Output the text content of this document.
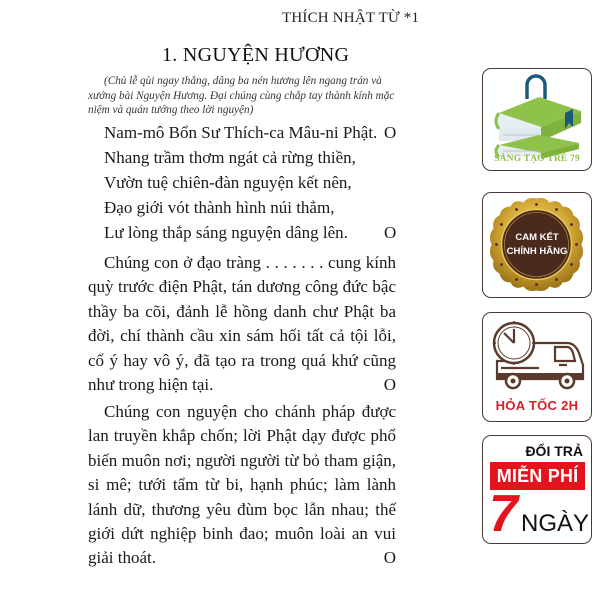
THÍCH NHẬT TỪ *1
1. NGUYỆN HƯƠNG
(Chủ lễ qùi ngay thẳng, dâng ba nén hương lên ngang trán và xướng bài Nguyện Hương. Đại chúng cùng chắp tay thành kính mặc niệm và quán tưởng theo lời nguyện)
Nam-mô Bổn Sư Thích-ca Mâu-ni Phật. O
Nhang trầm thơm ngát cả rừng thiền,
Vườn tuệ chiên-đàn nguyện kết nên,
Đạo giới vót thành hình núi thẳm,
Lư lòng thắp sáng nguyện dâng lên. O
Chúng con ở đạo tràng . . . . . . . cung kính quỳ trước điện Phật, tán dương công đức bậc thầy ba cõi, đảnh lễ hồng danh chư Phật ba đời, chí thành cầu xin sám hối tất cả tội lỗi, cố ý hay vô ý, đã tạo ra trong quá khứ cũng như trong hiện tại.	O
Chúng con nguyện cho chánh pháp được lan truyền khắp chốn; lời Phật dạy được phổ biến muôn nơi; người người từ bỏ tham giận, si mê; tưới tẩm từ bi, hạnh phúc; làm lành lánh dữ, thương yêu đùm bọc lẫn nhau; thế giới dứt nghiệp binh đao; muôn loài an vui giải thoát.	O
SÁNG TẠO TRẺ 79
CAM KẾT
CHÍNH HÃNG
HỎA TỐC 2H
ĐỔI TRẢ
MIỄN PHÍ
7 NGÀY
